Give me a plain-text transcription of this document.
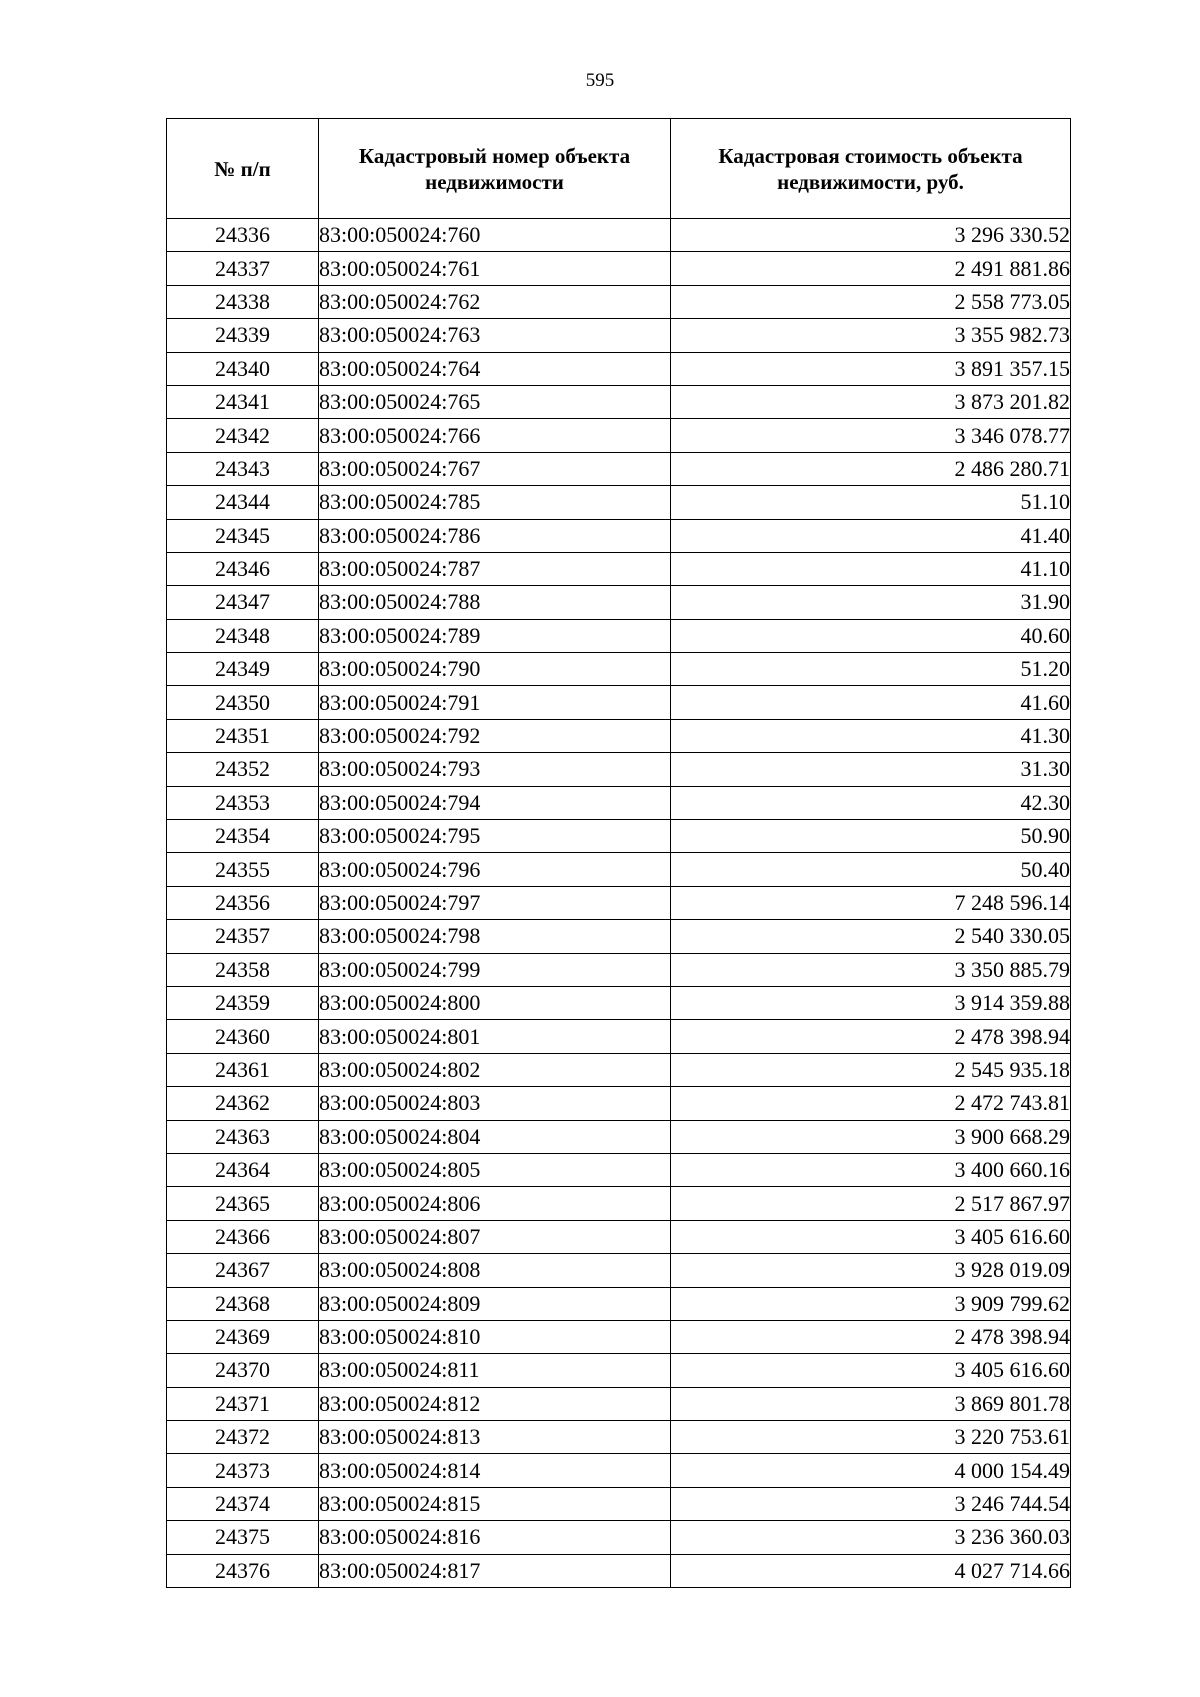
595
№ п/п	Кадастровый номер объекта недвижимости	Кадастровая стоимость объекта недвижимости, руб.
24336	83:00:050024:760	3 296 330.52
24337	83:00:050024:761	2 491 881.86
24338	83:00:050024:762	2 558 773.05
24339	83:00:050024:763	3 355 982.73
24340	83:00:050024:764	3 891 357.15
24341	83:00:050024:765	3 873 201.82
24342	83:00:050024:766	3 346 078.77
24343	83:00:050024:767	2 486 280.71
24344	83:00:050024:785	51.10
24345	83:00:050024:786	41.40
24346	83:00:050024:787	41.10
24347	83:00:050024:788	31.90
24348	83:00:050024:789	40.60
24349	83:00:050024:790	51.20
24350	83:00:050024:791	41.60
24351	83:00:050024:792	41.30
24352	83:00:050024:793	31.30
24353	83:00:050024:794	42.30
24354	83:00:050024:795	50.90
24355	83:00:050024:796	50.40
24356	83:00:050024:797	7 248 596.14
24357	83:00:050024:798	2 540 330.05
24358	83:00:050024:799	3 350 885.79
24359	83:00:050024:800	3 914 359.88
24360	83:00:050024:801	2 478 398.94
24361	83:00:050024:802	2 545 935.18
24362	83:00:050024:803	2 472 743.81
24363	83:00:050024:804	3 900 668.29
24364	83:00:050024:805	3 400 660.16
24365	83:00:050024:806	2 517 867.97
24366	83:00:050024:807	3 405 616.60
24367	83:00:050024:808	3 928 019.09
24368	83:00:050024:809	3 909 799.62
24369	83:00:050024:810	2 478 398.94
24370	83:00:050024:811	3 405 616.60
24371	83:00:050024:812	3 869 801.78
24372	83:00:050024:813	3 220 753.61
24373	83:00:050024:814	4 000 154.49
24374	83:00:050024:815	3 246 744.54
24375	83:00:050024:816	3 236 360.03
24376	83:00:050024:817	4 027 714.66
